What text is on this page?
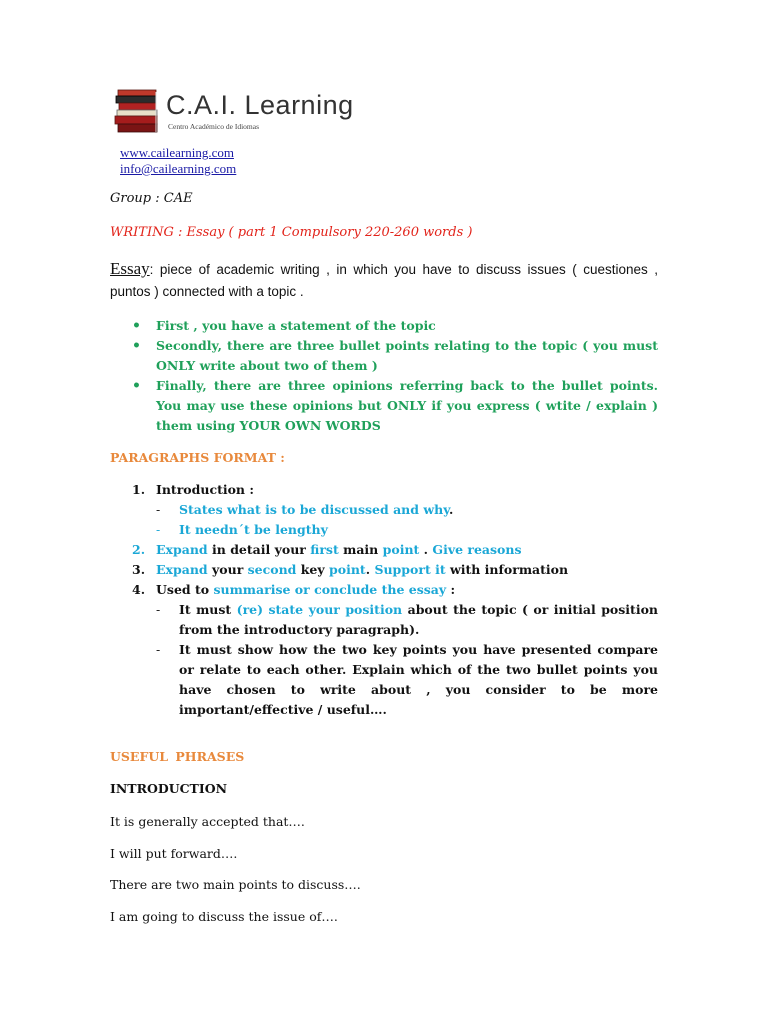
C.A.I. Learning
Centro Académico de Idiomas
www.cailearning.com
info@cailearning.com
Group : CAE
WRITING : Essay ( part 1 Compulsory 220-260 words )
Essay: piece of academic writing , in which you have to discuss issues ( cuestiones , puntos ) connected with a topic .
• First , you have a statement of the topic
• Secondly, there are three bullet points relating to the topic ( you must ONLY write about two of them )
• Finally, there are three opinions referring back to the bullet points. You may use these opinions but ONLY if you express ( wtite / explain ) them using YOUR OWN WORDS
PARAGRAPHS FORMAT :
1. Introduction :
- States what is to be discussed and why.
- It needn´t be lengthy
2. Expand in detail your first main point . Give reasons
3. Expand your second key point. Support it with information
4. Used to summarise or conclude the essay :
- It must (re) state your position about the topic ( or initial position from the introductory paragraph).
- It must show how the two key points you have presented compare or relate to each other. Explain which of the two bullet points you have chosen to write about , you consider to be more important/effective / useful….
USEFUL PHRASES
INTRODUCTION
It is generally accepted that….
I will put forward….
There are two main points to discuss….
I am going to discuss the issue of….
